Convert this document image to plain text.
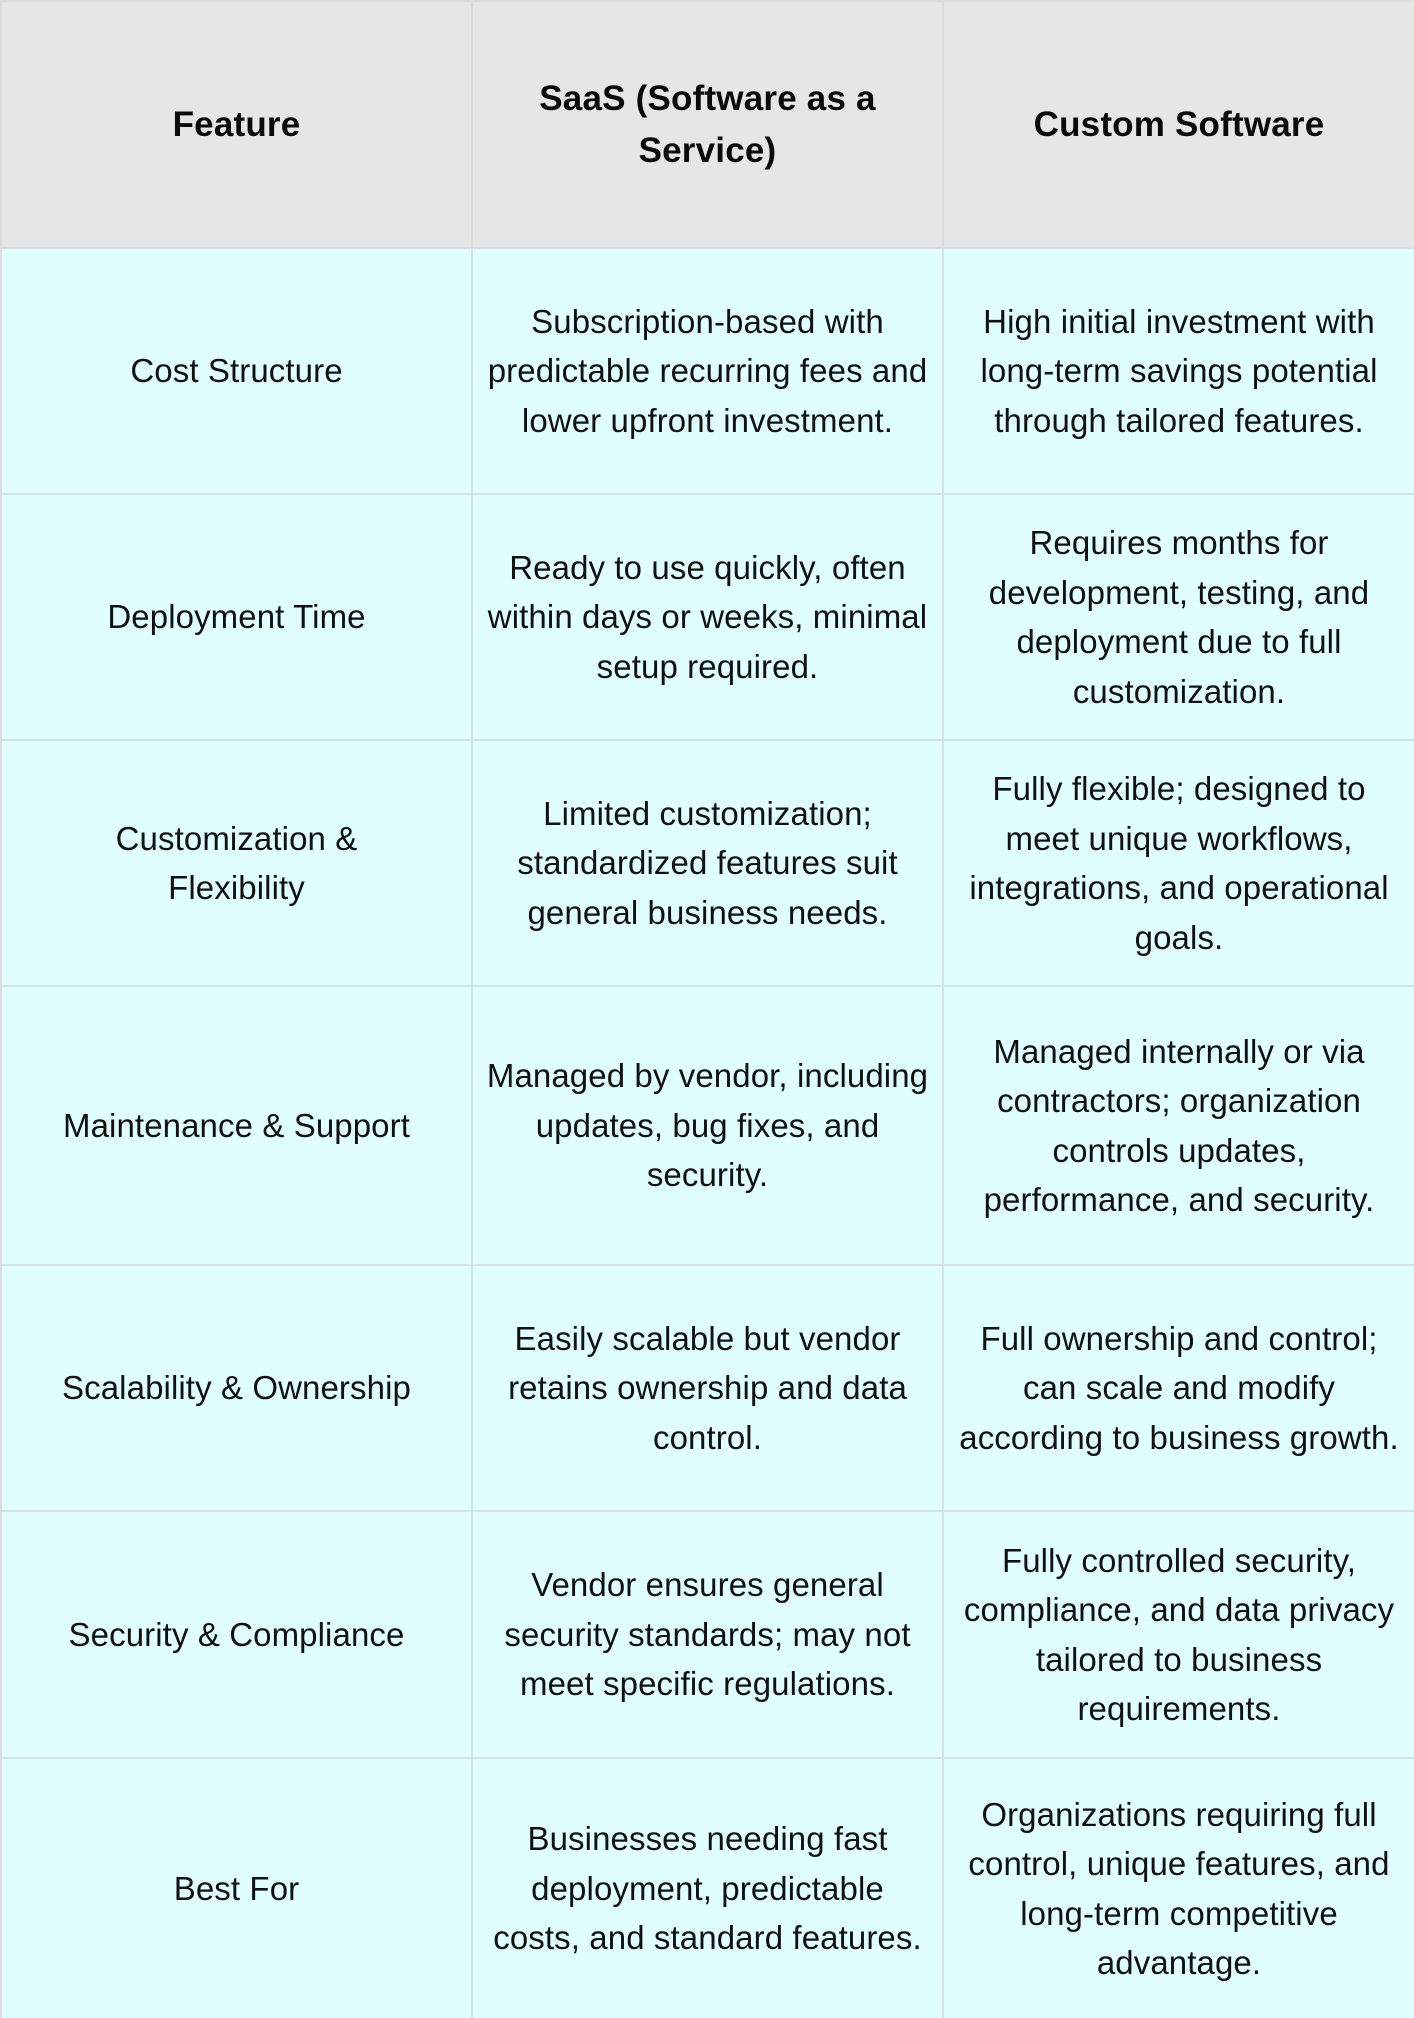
Feature	SaaS (Software as a Service)	Custom Software
Cost Structure	Subscription-based with predictable recurring fees and lower upfront investment.	High initial investment with long-term savings potential through tailored features.
Deployment Time	Ready to use quickly, often within days or weeks, minimal setup required.	Requires months for development, testing, and deployment due to full customization.
Customization & Flexibility	Limited customization; standardized features suit general business needs.	Fully flexible; designed to meet unique workflows, integrations, and operational goals.
Maintenance & Support	Managed by vendor, including updates, bug fixes, and security.	Managed internally or via contractors; organization controls updates, performance, and security.
Scalability & Ownership	Easily scalable but vendor retains ownership and data control.	Full ownership and control; can scale and modify according to business growth.
Security & Compliance	Vendor ensures general security standards; may not meet specific regulations.	Fully controlled security, compliance, and data privacy tailored to business requirements.
Best For	Businesses needing fast deployment, predictable costs, and standard features.	Organizations requiring full control, unique features, and long-term competitive advantage.
